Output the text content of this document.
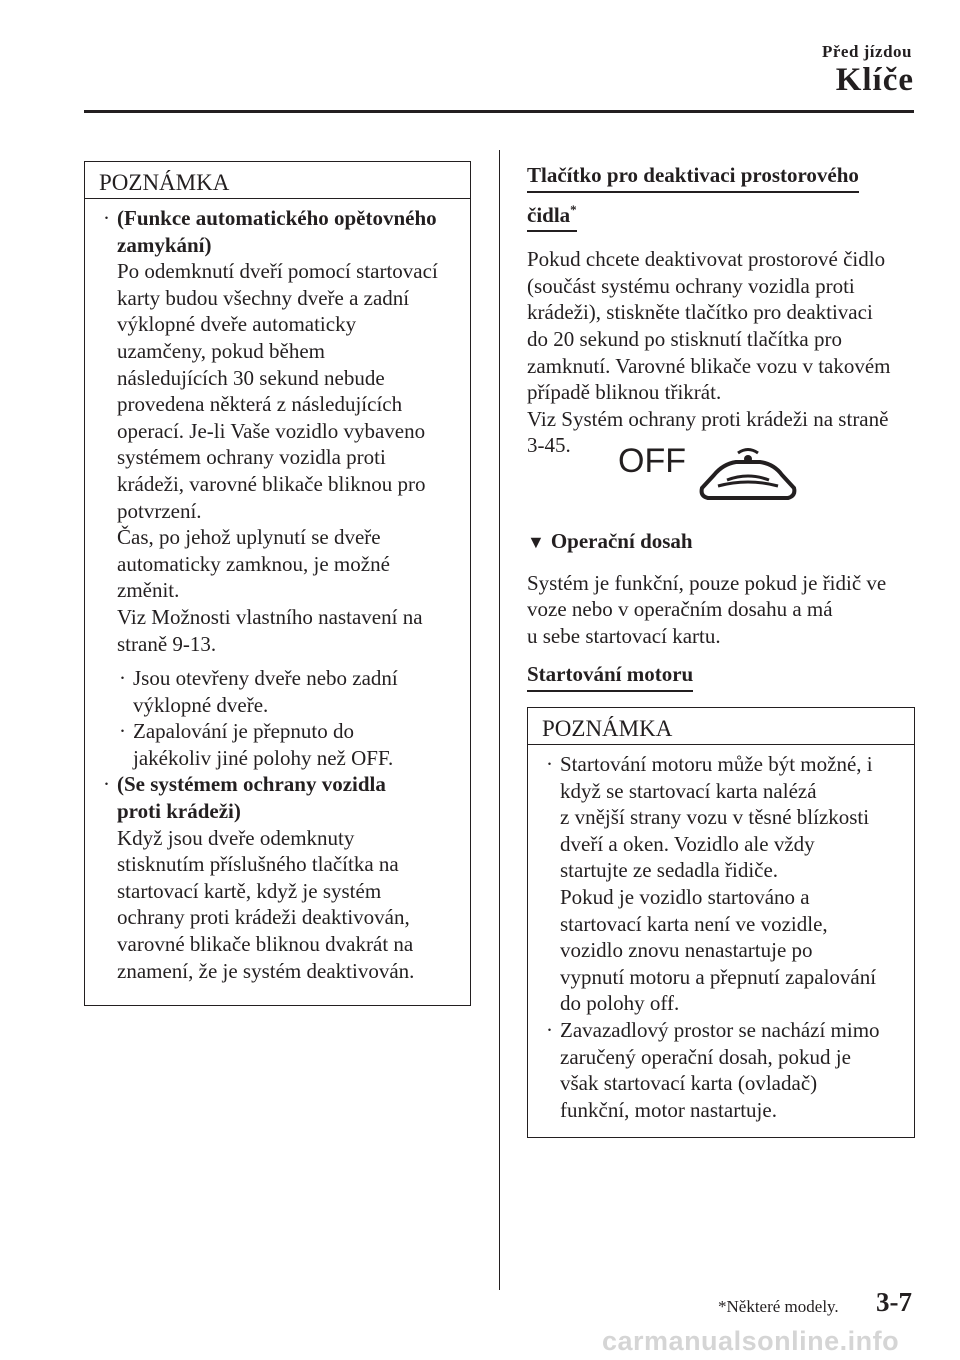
Před jízdou
Klíče
POZNÁMKA
· (Funkce automatického opětovného zamykání)
Po odemknutí dveří pomocí startovací
karty budou všechny dveře a zadní
výklopné dveře automaticky
uzamčeny, pokud během
následujících 30 sekund nebude
provedena některá z následujících
operací. Je-li Vaše vozidlo vybaveno
systémem ochrany vozidla proti
krádeži, varovné blikače bliknou pro
potvrzení.
Čas, po jehož uplynutí se dveře
automaticky zamknou, je možné
změnit.
Viz Možnosti vlastního nastavení na
straně 9-13.
· Jsou otevřeny dveře nebo zadní
výklopné dveře.
· Zapalování je přepnuto do
jakékoliv jiné polohy než OFF.
· (Se systémem ochrany vozidla
proti krádeži)
Když jsou dveře odemknuty
stisknutím příslušného tlačítka na
startovací kartě, když je systém
ochrany proti krádeži deaktivován,
varovné blikače bliknou dvakrát na
znamení, že je systém deaktivován.
Tlačítko pro deaktivaci prostorového
čidla*
Pokud chcete deaktivovat prostorové čidlo
(součást systému ochrany vozidla proti
krádeži), stiskněte tlačítko pro deaktivaci
do 20 sekund po stisknutí tlačítka pro
zamknutí. Varovné blikače vozu v takovém
případě bliknou třikrát.
Viz Systém ochrany proti krádeži na straně
3-45.	OFF
▼ Operační dosah
Systém je funkční, pouze pokud je řidič ve
voze nebo v operačním dosahu a má
u sebe startovací kartu.
Startování motoru
POZNÁMKA
· Startování motoru může být možné, i
když se startovací karta nalézá
z vnější strany vozu v těsné blízkosti
dveří a oken. Vozidlo ale vždy
startujte ze sedadla řidiče.
Pokud je vozidlo startováno a
startovací karta není ve vozidle,
vozidlo znovu nenastartuje po
vypnutí motoru a přepnutí zapalování
do polohy off.
· Zavazadlový prostor se nachází mimo
zaručený operační dosah, pokud je
však startovací karta (ovladač)
funkční, motor nastartuje.
*Některé modely. 3-7
carmanualsonline.info
